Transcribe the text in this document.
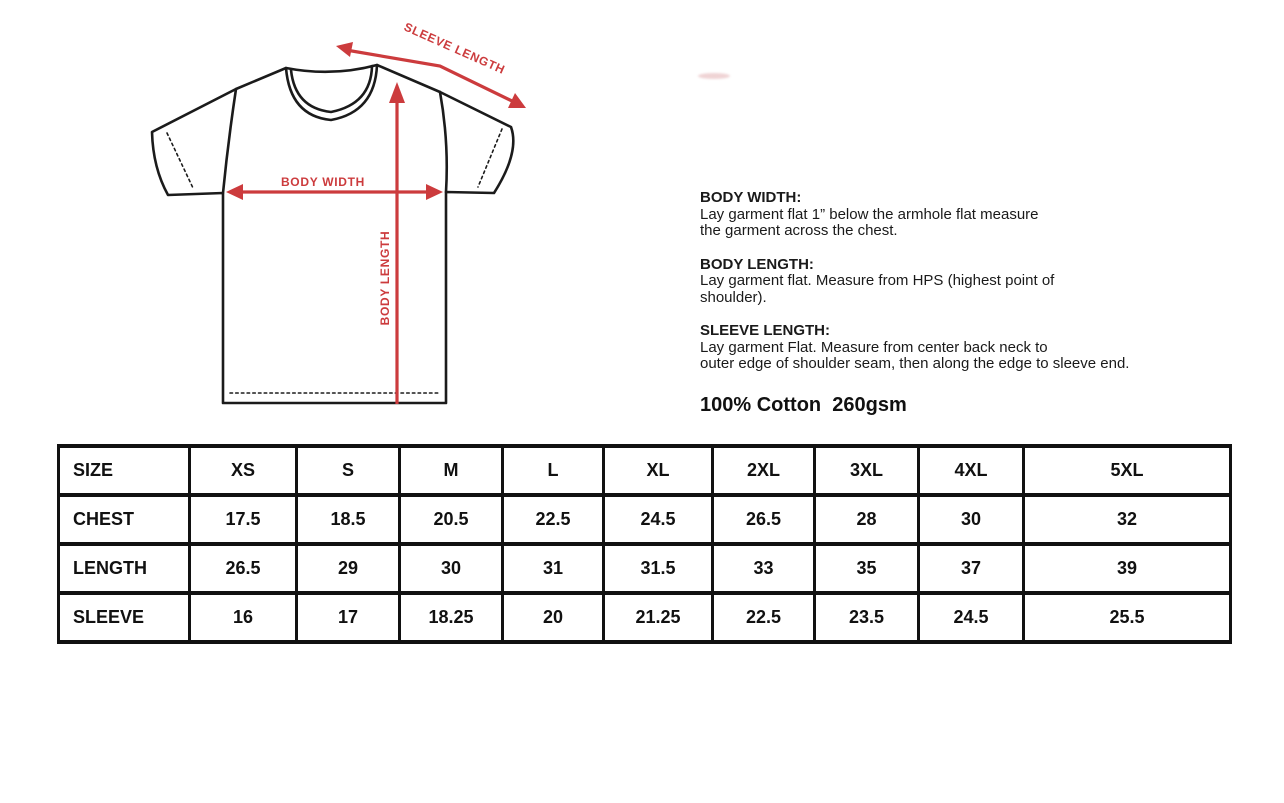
BODY WIDTH
BODY LENGTH
SLEEVE LENGTH
BODY WIDTH:
Lay garment flat 1” below the armhole flat measure
the garment across the chest.
BODY LENGTH:
Lay garment flat. Measure from HPS (highest point of
shoulder).
SLEEVE LENGTH:
Lay garment Flat. Measure from center back neck to
outer edge of shoulder seam, then along the edge to sleeve end.
100% Cotton  260gsm
SIZE	XS	S	M	L	XL	2XL	3XL	4XL	5XL
CHEST	17.5	18.5	20.5	22.5	24.5	26.5	28	30	32
LENGTH	26.5	29	30	31	31.5	33	35	37	39
SLEEVE	16	17	18.25	20	21.25	22.5	23.5	24.5	25.5
